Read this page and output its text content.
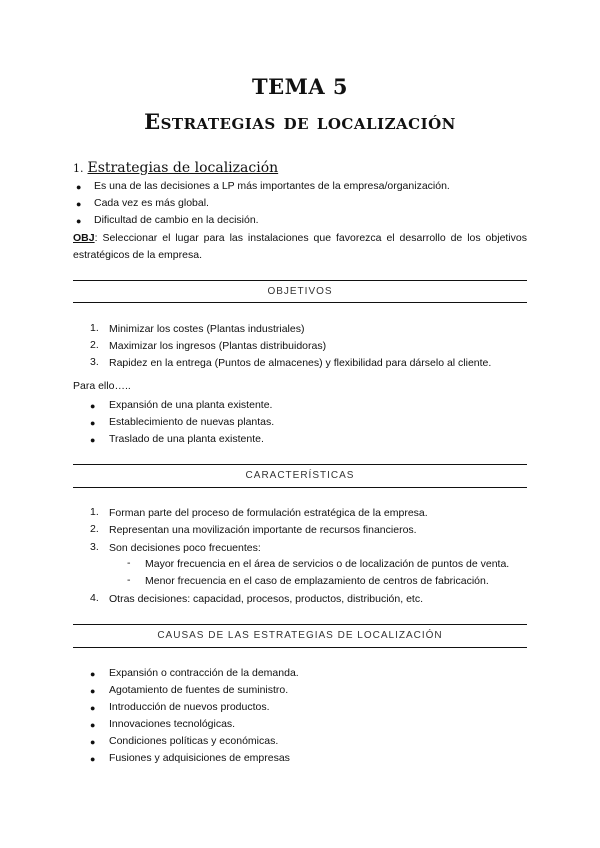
TEMA 5
Estrategias de localización
1. Estrategias de localización
● Es una de las decisiones a LP más importantes de la empresa/organización.
● Cada vez es más global.
● Dificultad de cambio en la decisión.
OBJ: Seleccionar el lugar para las instalaciones que favorezca el desarrollo de los objetivos estratégicos de la empresa.
OBJETIVOS
1. Minimizar los costes (Plantas industriales)
2. Maximizar los ingresos (Plantas distribuidoras)
3. Rapidez en la entrega (Puntos de almacenes) y flexibilidad para dárselo al cliente.
Para ello…..
● Expansión de una planta existente.
● Establecimiento de nuevas plantas.
● Traslado de una planta existente.
CARACTERÍSTICAS
1. Forman parte del proceso de formulación estratégica de la empresa.
2. Representan una movilización importante de recursos financieros.
3. Son decisiones poco frecuentes:
- Mayor frecuencia en el área de servicios o de localización de puntos de venta.
- Menor frecuencia en el caso de emplazamiento de centros de fabricación.
4. Otras decisiones: capacidad, procesos, productos, distribución, etc.
CAUSAS DE LAS ESTRATEGIAS DE LOCALIZACIÓN
● Expansión o contracción de la demanda.
● Agotamiento de fuentes de suministro.
● Introducción de nuevos productos.
● Innovaciones tecnológicas.
● Condiciones políticas y económicas.
● Fusiones y adquisiciones de empresas
